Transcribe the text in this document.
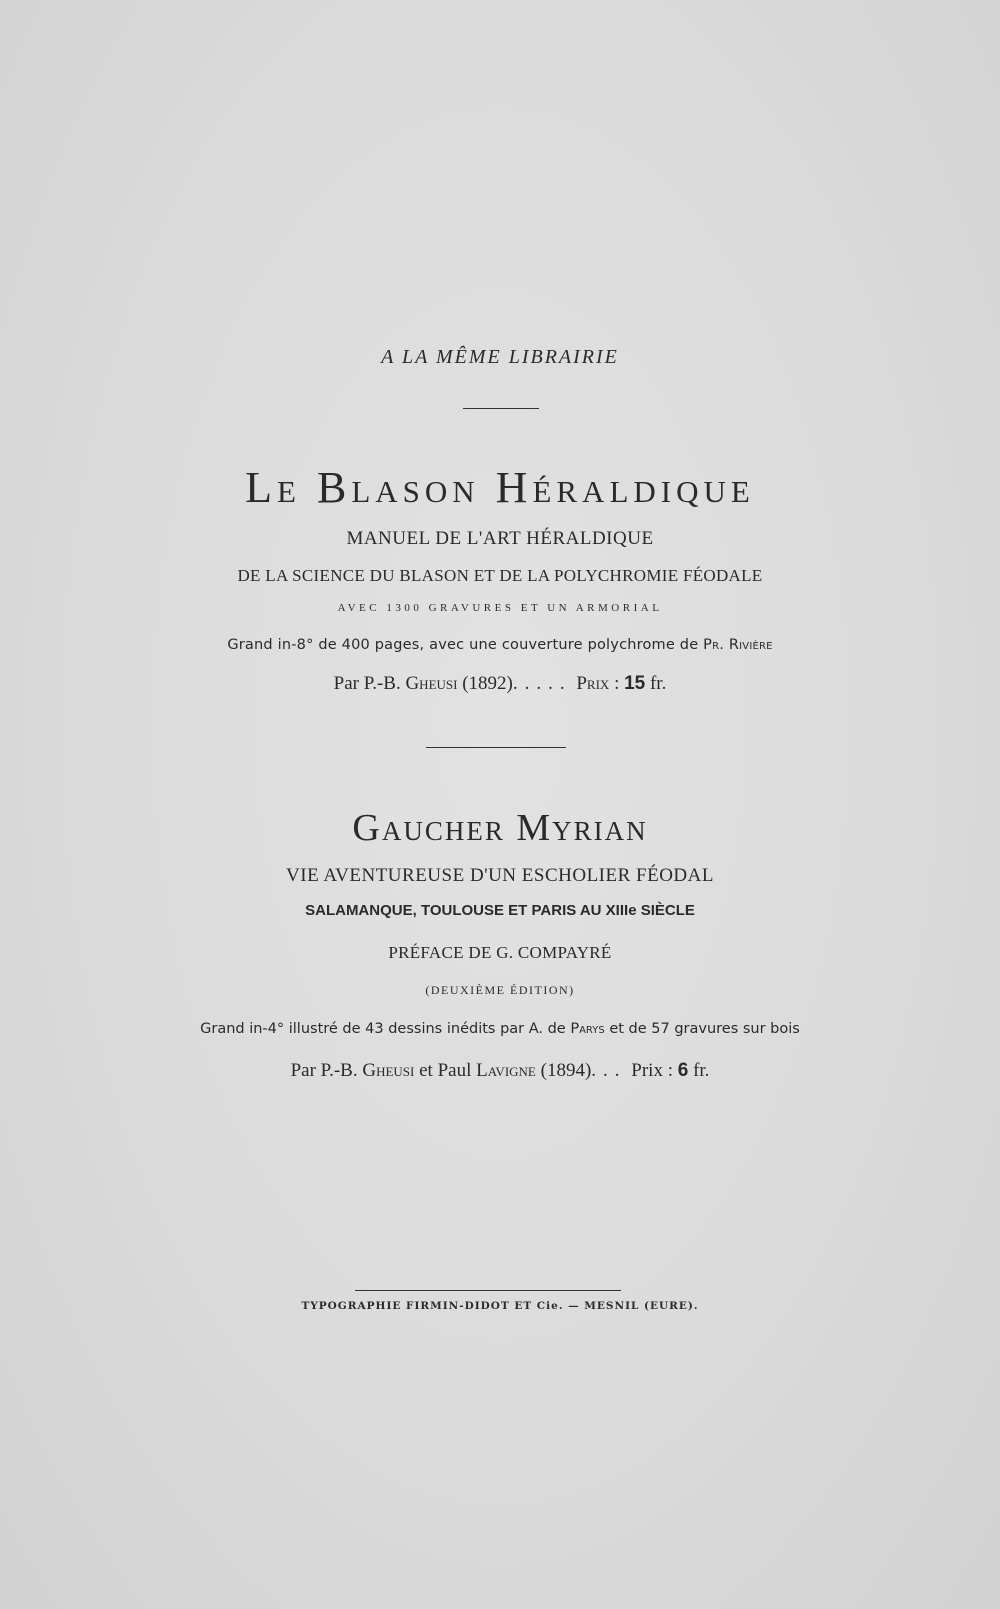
A LA MÊME LIBRAIRIE
Le Blason Héraldique
MANUEL DE L'ART HÉRALDIQUE
DE LA SCIENCE DU BLASON ET DE LA POLYCHROMIE FÉODALE
AVEC 1300 GRAVURES ET UN ARMORIAL
Grand in-8° de 400 pages, avec une couverture polychrome de Pr. Rivière
Par P.-B. Gheusi (1892)..... Prix : 15 fr.
Gaucher Myrian
VIE AVENTUREUSE D'UN ESCHOLIER FÉODAL
SALAMANQUE, TOULOUSE ET PARIS AU XIIIe SIÈCLE
PRÉFACE DE G. COMPAYRÉ
(DEUXIÈME ÉDITION)
Grand in-4° illustré de 43 dessins inédits par A. de Parys et de 57 gravures sur bois
Par P.-B. Gheusi et Paul Lavigne (1894)... Prix : 6 fr.
TYPOGRAPHIE FIRMIN-DIDOT ET Cie. — MESNIL (EURE).
